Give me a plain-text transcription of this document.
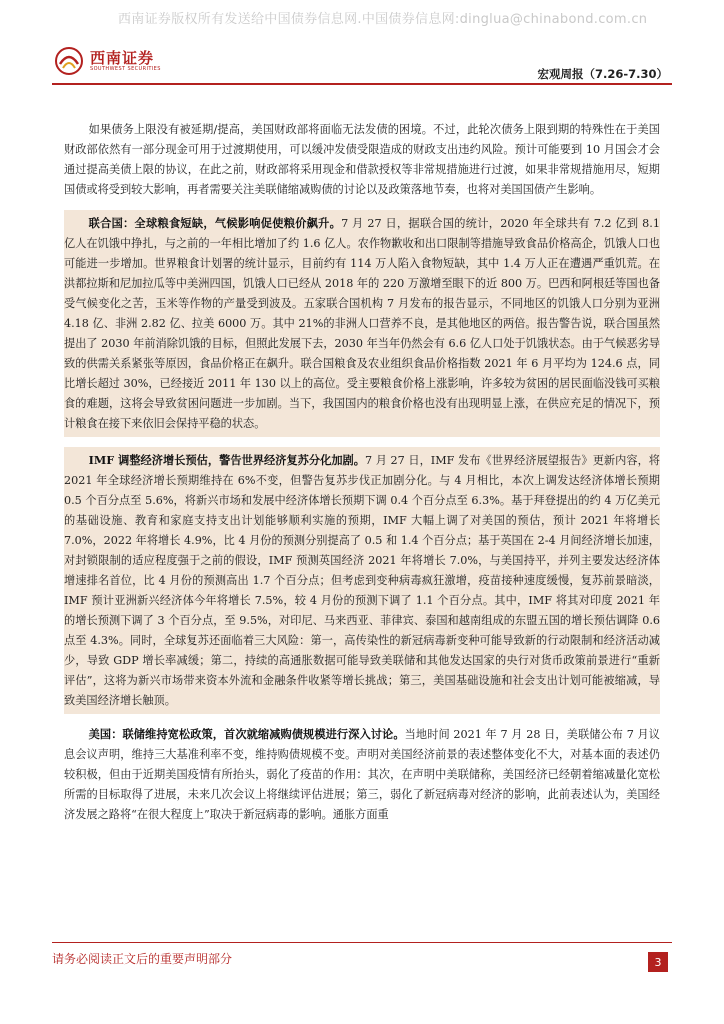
西南证券版权所有发送给中国债券信息网.中国债券信息网:dinglua@chinabond.com.cn
西南证券
SOUTHWEST SECURITIES	宏观周报（7.26-7.30）

如果债务上限没有被延期/提高，美国财政部将面临无法发债的困境。不过，此轮次债务上限到期的特殊性在于美国财政部依然有一部分现金可用于过渡期使用，可以缓冲发债受限造成的财政支出违约风险。预计可能要到 10 月国会才会通过提高美债上限的协议，在此之前，财政部将采用现金和借款授权等非常规措施进行过渡，如果非常规措施用尽，短期国债或将受到较大影响，再者需要关注美联储缩减购债的讨论以及政策落地节奏，也将对美国国债产生影响。

联合国：全球粮食短缺，气候影响促使粮价飙升。7 月 27 日，据联合国的统计，2020 年全球共有 7.2 亿到 8.1 亿人在饥饿中挣扎，与之前的一年相比增加了约 1.6 亿人。农作物歉收和出口限制等措施导致食品价格高企，饥饿人口也可能进一步增加。世界粮食计划署的统计显示，目前约有 114 万人陷入食物短缺，其中 1.4 万人正在遭遇严重饥荒。在洪都拉斯和尼加拉瓜等中美洲四国，饥饿人口已经从 2018 年的 220 万激增至眼下的近 800 万。巴西和阿根廷等国也备受气候变化之苦，玉米等作物的产量受到波及。五家联合国机构 7 月发布的报告显示，不同地区的饥饿人口分别为亚洲 4.18 亿、非洲 2.82 亿、拉美 6000 万。其中 21%的非洲人口营养不良，是其他地区的两倍。报告警告说，联合国虽然提出了 2030 年前消除饥饿的目标，但照此发展下去，2030 年当年仍然会有 6.6 亿人口处于饥饿状态。由于气候恶劣导致的供需关系紧张等原因，食品价格正在飙升。联合国粮食及农业组织食品价格指数 2021 年 6 月平均为 124.6 点，同比增长超过 30%，已经接近 2011 年 130 以上的高位。受主要粮食价格上涨影响，许多较为贫困的居民面临没钱可买粮食的难题，这将会导致贫困问题进一步加剧。当下，我国国内的粮食价格也没有出现明显上涨，在供应充足的情况下，预计粮食在接下来依旧会保持平稳的状态。

IMF 调整经济增长预估，警告世界经济复苏分化加剧。7 月 27 日，IMF 发布《世界经济展望报告》更新内容，将 2021 年全球经济增长预期维持在 6%不变，但警告复苏步伐正加剧分化。与 4 月相比，本次上调发达经济体增长预期 0.5 个百分点至 5.6%，将新兴市场和发展中经济体增长预期下调 0.4 个百分点至 6.3%。基于拜登提出的约 4 万亿美元的基础设施、教育和家庭支持支出计划能够顺利实施的预期，IMF 大幅上调了对美国的预估，预计 2021 年将增长 7.0%，2022 年将增长 4.9%，比 4 月份的预测分别提高了 0.5 和 1.4 个百分点；基于英国在 2-4 月间经济增长加速，对封锁限制的适应程度强于之前的假设，IMF 预测英国经济 2021 年将增长 7.0%，与美国持平，并列主要发达经济体增速排名首位，比 4 月份的预测高出 1.7 个百分点；但考虑到变种病毒疯狂激增，疫苗接种速度缓慢，复苏前景暗淡，IMF 预计亚洲新兴经济体今年将增长 7.5%，较 4 月份的预测下调了 1.1 个百分点。其中，IMF 将其对印度 2021 年的增长预测下调了 3 个百分点，至 9.5%，对印尼、马来西亚、菲律宾、泰国和越南组成的东盟五国的增长预估调降 0.6 点至 4.3%。同时，全球复苏还面临着三大风险：第一，高传染性的新冠病毒新变种可能导致新的行动限制和经济活动减少，导致 GDP 增长率减缓；第二，持续的高通胀数据可能导致美联储和其他发达国家的央行对货币政策前景进行“重新评估”，这将为新兴市场带来资本外流和金融条件收紧等增长挑战；第三，美国基础设施和社会支出计划可能被缩减，导致美国经济增长触顶。

美国：联储维持宽松政策，首次就缩减购债规模进行深入讨论。当地时间 2021 年 7 月 28 日，美联储公布 7 月议息会议声明，维持三大基准利率不变，维持购债规模不变。声明对美国经济前景的表述整体变化不大，对基本面的表述仍较积极，但由于近期美国疫情有所抬头，弱化了疫苗的作用：其次，在声明中美联储称，美国经济已经朝着缩减量化宽松所需的目标取得了进展，未来几次会议上将继续评估进展；第三，弱化了新冠病毒对经济的影响，此前表述认为，美国经济发展之路将“在很大程度上”取决于新冠病毒的影响。通胀方面重

请务必阅读正文后的重要声明部分	3
